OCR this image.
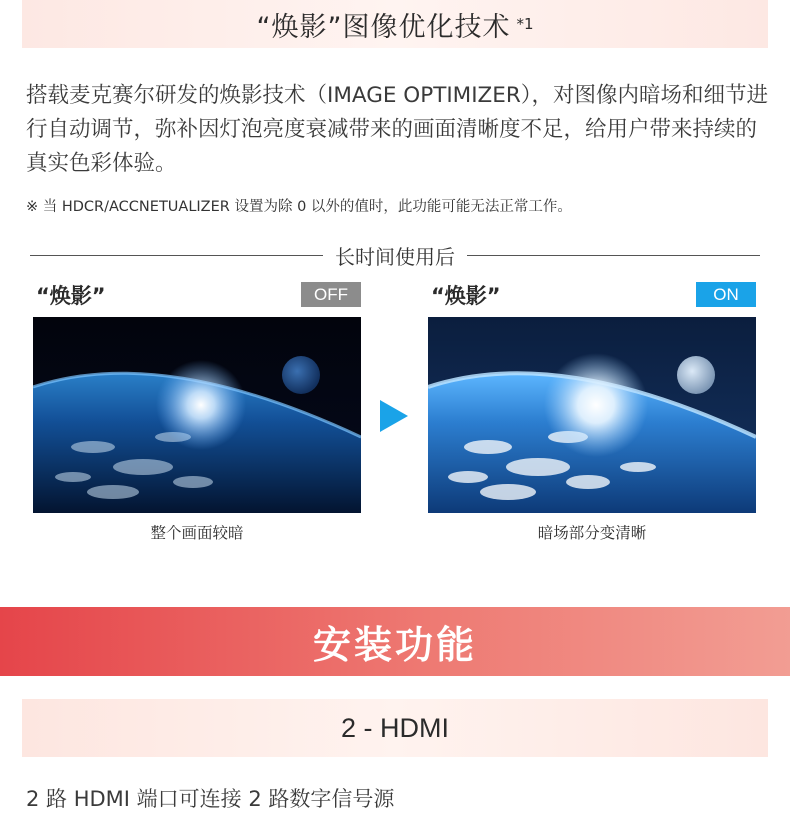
“焕影”图像优化技术 *1
搭载麦克赛尔研发的焕影技术（IMAGE OPTIMIZER），对图像内暗场和细节进行自动调节，弥补因灯泡亮度衰减带来的画面清晰度不足，给用户带来持续的真实色彩体验。
※ 当 HDCR/ACCNETUALIZER 设置为除 0 以外的值时，此功能可能无法正常工作。
长时间使用后
“焕影”	OFF
整个画面较暗
“焕影”	ON
暗场部分变清晰
安装功能
2 - HDMI
2 路 HDMI 端口可连接 2 路数字信号源
